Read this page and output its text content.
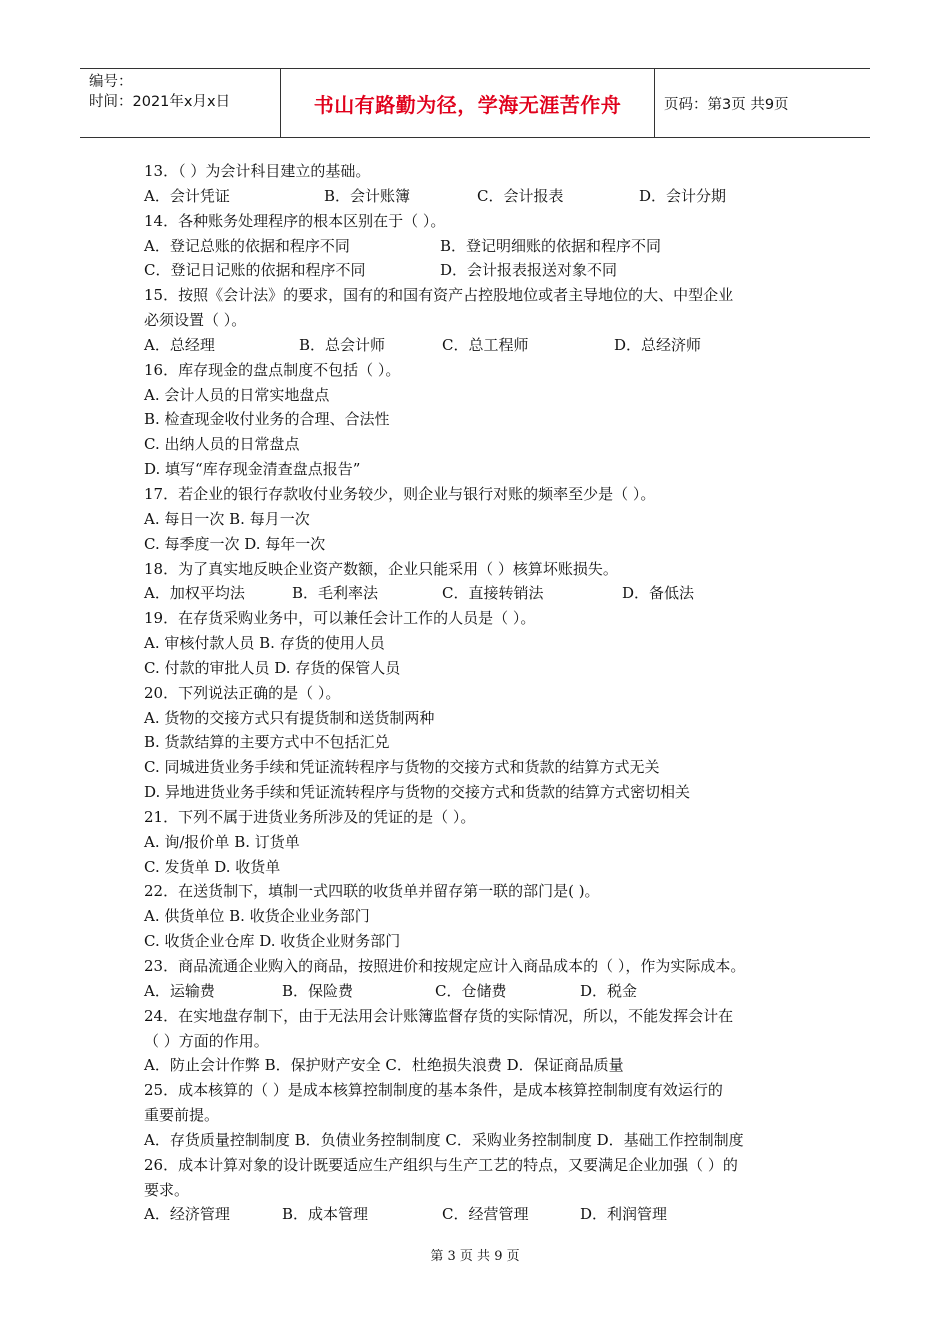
编号：
时间：2021年x月x日	书山有路勤为径，学海无涯苦作舟	页码：第3页 共9页
13．（ ）为会计科目建立的基础。
A．会计凭证	B．会计账簿	C．会计报表	D．会计分期
14．各种账务处理程序的根本区别在于（ ）。
A．登记总账的依据和程序不同	B．登记明细账的依据和程序不同
C．登记日记账的依据和程序不同	D．会计报表报送对象不同
15．按照《会计法》的要求，国有的和国有资产占控股地位或者主导地位的大、中型企业
必须设置（ ）。
A．总经理	B．总会计师	C．总工程师	D．总经济师
16．库存现金的盘点制度不包括（ ）。
A. 会计人员的日常实地盘点
B. 检查现金收付业务的合理、合法性
C. 出纳人员的日常盘点
D. 填写“库存现金清查盘点报告”
17．若企业的银行存款收付业务较少，则企业与银行对账的频率至少是（ ）。
A. 每日一次 B. 每月一次
C. 每季度一次 D. 每年一次
18．为了真实地反映企业资产数额，企业只能采用（ ）核算坏账损失。
A．加权平均法	B．毛利率法	C．直接转销法	D．备低法
19．在存货采购业务中，可以兼任会计工作的人员是（ ）。
A. 审核付款人员 B. 存货的使用人员
C. 付款的审批人员 D. 存货的保管人员
20．下列说法正确的是（ ）。
A. 货物的交接方式只有提货制和送货制两种
B. 货款结算的主要方式中不包括汇兑
C. 同城进货业务手续和凭证流转程序与货物的交接方式和货款的结算方式无关
D. 异地进货业务手续和凭证流转程序与货物的交接方式和货款的结算方式密切相关
21．下列不属于进货业务所涉及的凭证的是（ ）。
A. 询/报价单 B. 订货单
C. 发货单 D. 收货单
22．在送货制下，填制一式四联的收货单并留存第一联的部门是( )。
A. 供货单位 B. 收货企业业务部门
C. 收货企业仓库 D. 收货企业财务部门
23．商品流通企业购入的商品，按照进价和按规定应计入商品成本的（ ），作为实际成本。
A．运输费	B．保险费	C．仓储费	D．税金
24．在实地盘存制下，由于无法用会计账簿监督存货的实际情况，所以，不能发挥会计在
（ ）方面的作用。
A．防止会计作弊 B．保护财产安全 C．杜绝损失浪费 D．保证商品质量
25．成本核算的（ ）是成本核算控制制度的基本条件，是成本核算控制制度有效运行的
重要前提。
A．存货质量控制制度 B．负债业务控制制度 C．采购业务控制制度 D．基础工作控制制度
26．成本计算对象的设计既要适应生产组织与生产工艺的特点，又要满足企业加强（ ）的
要求。
A．经济管理	B．成本管理	C．经营管理	D．利润管理
第 3 页 共 9 页
